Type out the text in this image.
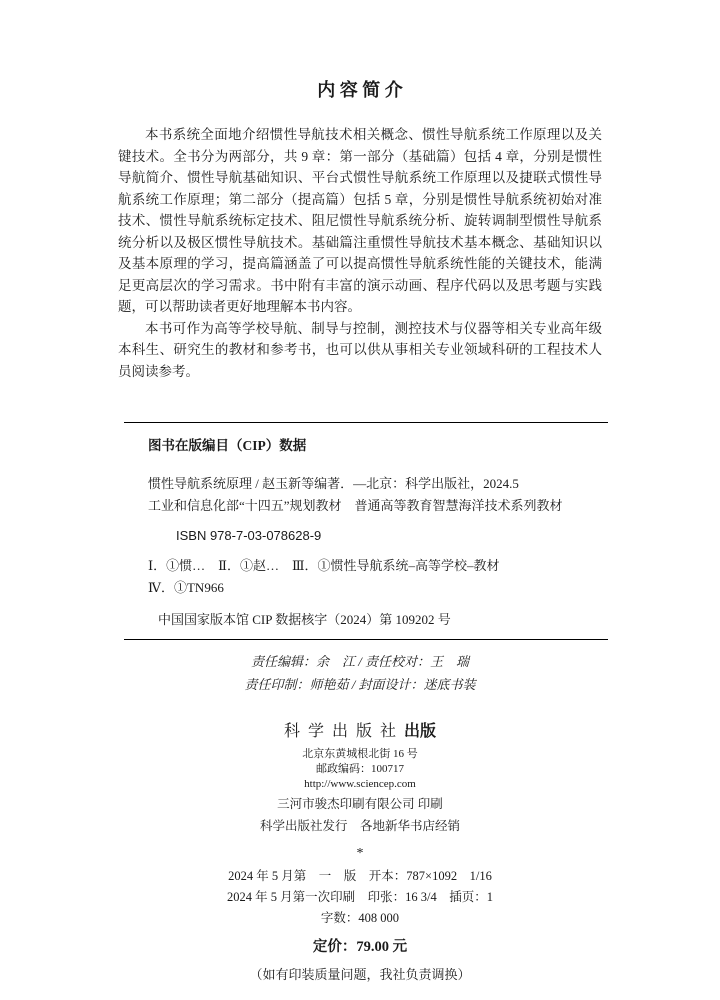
内 容 简 介

本书系统全面地介绍惯性导航技术相关概念、惯性导航系统工作原理以及关键技术。全书分为两部分，共 9 章：第一部分（基础篇）包括 4 章，分别是惯性导航简介、惯性导航基础知识、平台式惯性导航系统工作原理以及捷联式惯性导航系统工作原理；第二部分（提高篇）包括 5 章，分别是惯性导航系统初始对准技术、惯性导航系统标定技术、阻尼惯性导航系统分析、旋转调制型惯性导航系统分析以及极区惯性导航技术。基础篇注重惯性导航技术基本概念、基础知识以及基本原理的学习，提高篇涵盖了可以提高惯性导航系统性能的关键技术，能满足更高层次的学习需求。书中附有丰富的演示动画、程序代码以及思考题与实践题，可以帮助读者更好地理解本书内容。

本书可作为高等学校导航、制导与控制，测控技术与仪器等相关专业高年级本科生、研究生的教材和参考书，也可以供从事相关专业领域科研的工程技术人员阅读参考。

图书在版编目（CIP）数据

惯性导航系统原理 / 赵玉新等编著．—北京：科学出版社，2024.5

工业和信息化部“十四五”规划教材　普通高等教育智慧海洋技术系列教材

ISBN 978-7-03-078628-9

Ⅰ．①惯…　Ⅱ．①赵…　Ⅲ．①惯性导航系统–高等学校–教材

Ⅳ．①TN966

中国国家版本馆 CIP 数据核字（2024）第 109202 号

责任编辑：余　江 / 责任校对：王　瑞
责任印制：师艳茹 / 封面设计：迷底书装

科 学 出 版 社 出版

北京东黄城根北街 16 号

邮政编码：100717

http://www.sciencep.com

三河市骏杰印刷有限公司 印刷

科学出版社发行　各地新华书店经销

*

2024 年 5 月第　一　版　开本：787×1092　1/16

2024 年 5 月第一次印刷　印张：16 3/4　插页：1

字数：408 000

定价：79.00 元

（如有印装质量问题，我社负责调换）
